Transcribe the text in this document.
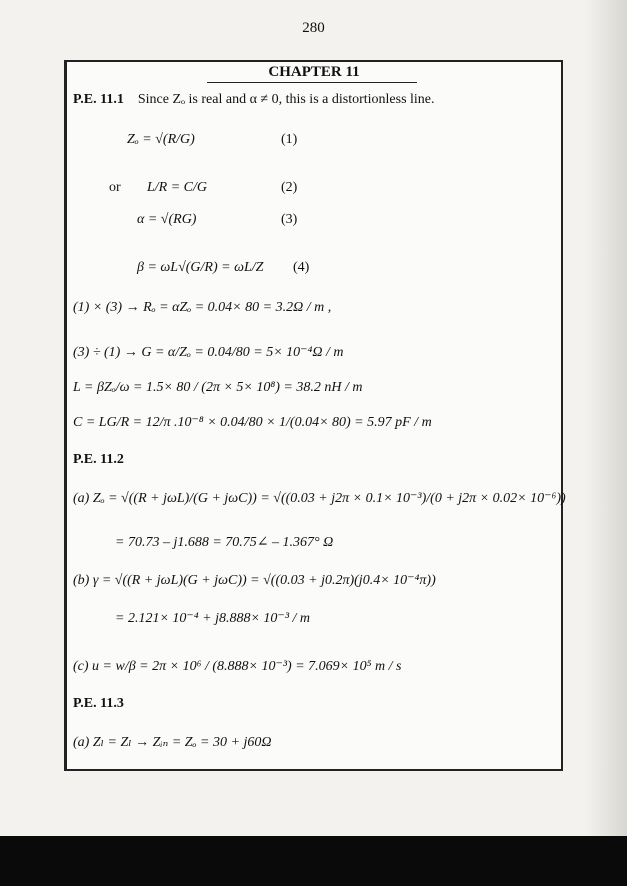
280
CHAPTER 11
P.E. 11.1 Since Zₒ is real and α ≠ 0, this is a distortionless line.
Zₒ = √(R/G)	(1)
or L/R = C/G	(2)
α = √(RG)	(3)
β = ωL√(G/R) = ωL/Z (4)
(1) × (3) → Rₒ = αZₒ = 0.04× 80 = 3.2Ω / m ,
(3) ÷ (1) → G = α/Zₒ = 0.04/80 = 5× 10⁻⁴Ω / m
L = βZₒ/ω = 1.5× 80 / (2π × 5× 10⁸) = 38.2 nH / m
C = LG/R = 12/π .10⁻⁸ × 0.04/80 × 1/(0.04× 80) = 5.97 pF / m
P.E. 11.2
(a) Zₒ = √((R + jωL)/(G + jωC)) = √((0.03 + j2π × 0.1× 10⁻³)/(0 + j2π × 0.02× 10⁻⁶))
= 70.73 – j1.688 = 70.75∠ – 1.367° Ω
(b) γ = √((R + jωL)(G + jωC)) = √((0.03 + j0.2π)(j0.4× 10⁻⁴π))
= 2.121× 10⁻⁴ + j8.888× 10⁻³ / m
(c) u = w/β = 2π × 10⁶ / (8.888× 10⁻³) = 7.069× 10⁵ m / s
P.E. 11.3
(a) Zₗ = Zₗ → Zᵢₙ = Zₒ = 30 + j60Ω
